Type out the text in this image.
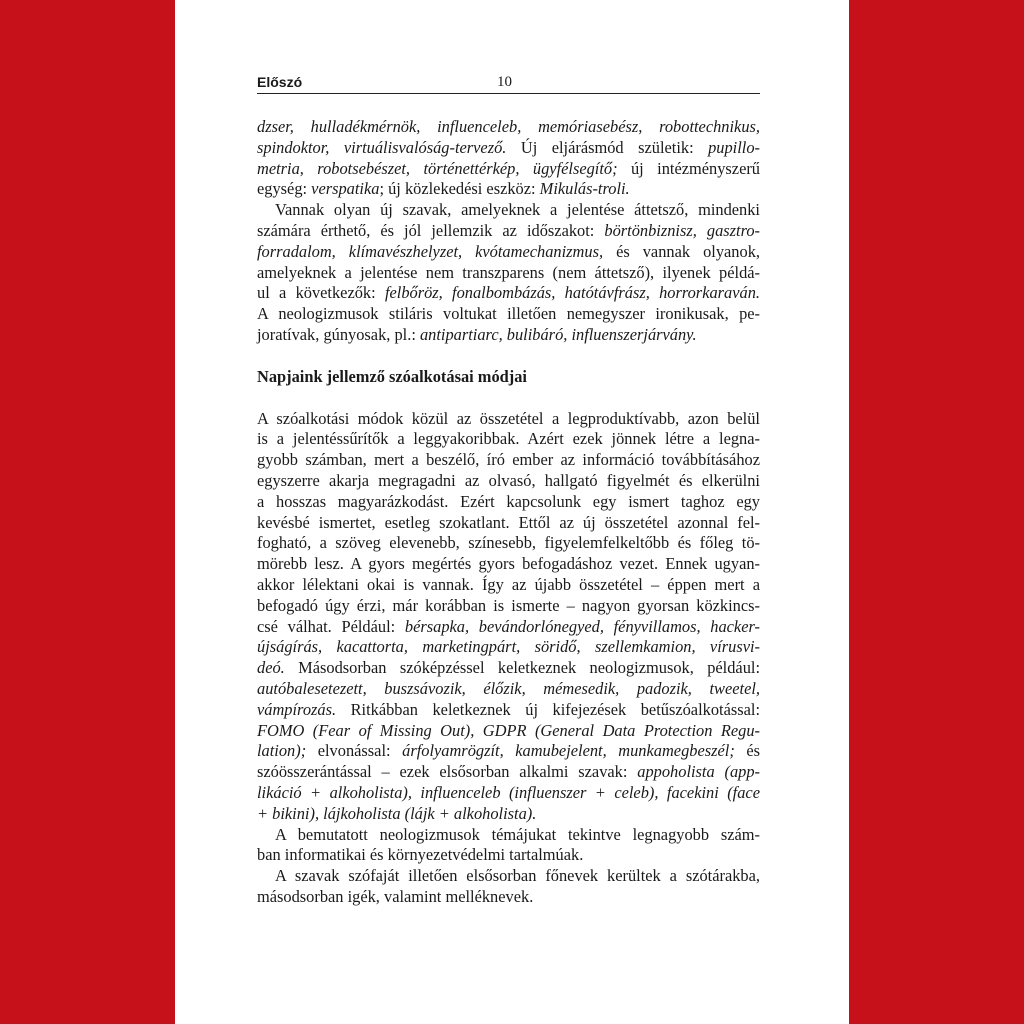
Előszó	10
dzser, hulladékmérnök, influenceleb, memóriasebész, robottechnikus,
spindoktor, virtuálisvalóság-tervező. Új eljárásmód születik: pupillo-
metria, robotsebészet, történettérkép, ügyfélsegítő; új intézményszerű
egység: verspatika; új közlekedési eszköz: Mikulás-troli.
Vannak olyan új szavak, amelyeknek a jelentése áttetsző, mindenki
számára érthető, és jól jellemzik az időszakot: börtönbiznisz, gasztro-
forradalom, klímavészhelyzet, kvótamechanizmus, és vannak olyanok,
amelyeknek a jelentése nem transzparens (nem áttetsző), ilyenek példá-
ul a következők: felbőröz, fonalbombázás, hatótávfrász, horrorkaraván.
A neologizmusok stiláris voltukat illetően nemegyszer ironikusak, pe-
joratívak, gúnyosak, pl.: antipartiarc, bulibáró, influenszerjárvány.

Napjaink jellemző szóalkotásai módjai

A szóalkotási módok közül az összetétel a legproduktívabb, azon belül
is a jelentéssűrítők a leggyakoribbak. Azért ezek jönnek létre a legna-
gyobb számban, mert a beszélő, író ember az információ továbbításához
egyszerre akarja megragadni az olvasó, hallgató figyelmét és elkerülni
a hosszas magyarázkodást. Ezért kapcsolunk egy ismert taghoz egy
kevésbé ismertet, esetleg szokatlant. Ettől az új összetétel azonnal fel-
fogható, a szöveg elevenebb, színesebb, figyelemfelkeltőbb és főleg tö-
mörebb lesz. A gyors megértés gyors befogadáshoz vezet. Ennek ugyan-
akkor lélektani okai is vannak. Így az újabb összetétel – éppen mert a
befogadó úgy érzi, már korábban is ismerte – nagyon gyorsan közkincs-
csé válhat. Például: bérsapka, bevándorlónegyed, fényvillamos, hacker-
újságírás, kacattorta, marketingpárt, söridő, szellemkamion, vírusvi-
deó. Másodsorban szóképzéssel keletkeznek neologizmusok, például:
autóbalesetezett, buszsávozik, élőzik, mémesedik, padozik, tweetel,
vámpírozás. Ritkábban keletkeznek új kifejezések betűszóalkotással:
FOMO (Fear of Missing Out), GDPR (General Data Protection Regu-
lation); elvonással: árfolyamrögzít, kamubejelent, munkamegbeszél; és
szóösszerántással – ezek elsősorban alkalmi szavak: appoholista (app-
likáció + alkoholista), influenceleb (influenszer + celeb), facekini (face
+ bikini), lájkoholista (lájk + alkoholista).
A bemutatott neologizmusok témájukat tekintve legnagyobb szám-
ban informatikai és környezetvédelmi tartalmúak.
A szavak szófaját illetően elsősorban főnevek kerültek a szótárakba,
másodsorban igék, valamint melléknevek.
